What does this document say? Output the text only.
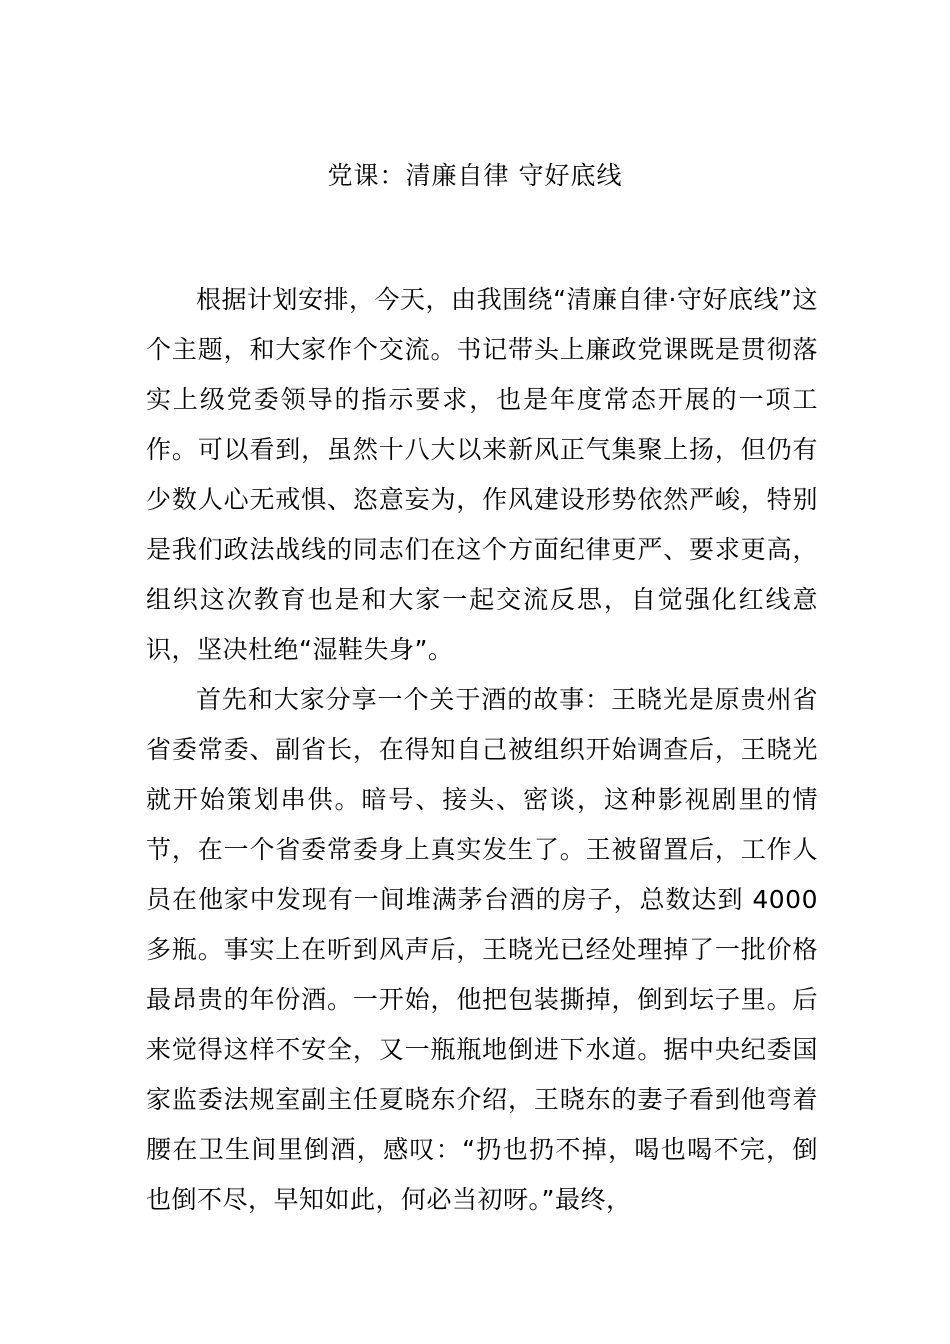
党课：清廉自律 守好底线

根据计划安排，今天，由我围绕“清廉自律·守好底线”这个主题，和大家作个交流。书记带头上廉政党课既是贯彻落实上级党委领导的指示要求，也是年度常态开展的一项工作。可以看到，虽然十八大以来新风正气集聚上扬，但仍有少数人心无戒惧、恣意妄为，作风建设形势依然严峻，特别是我们政法战线的同志们在这个方面纪律更严、要求更高，组织这次教育也是和大家一起交流反思，自觉强化红线意识，坚决杜绝“湿鞋失身”。

首先和大家分享一个关于酒的故事：王晓光是原贵州省省委常委、副省长，在得知自己被组织开始调查后，王晓光就开始策划串供。暗号、接头、密谈，这种影视剧里的情节，在一个省委常委身上真实发生了。王被留置后，工作人员在他家中发现有一间堆满茅台酒的房子，总数达到 4000 多瓶。事实上在听到风声后，王晓光已经处理掉了一批价格最昂贵的年份酒。一开始，他把包装撕掉，倒到坛子里。后来觉得这样不安全，又一瓶瓶地倒进下水道。据中央纪委国家监委法规室副主任夏晓东介绍，王晓东的妻子看到他弯着腰在卫生间里倒酒，感叹：“扔也扔不掉，喝也喝不完，倒也倒不尽，早知如此，何必当初呀。”最终，
